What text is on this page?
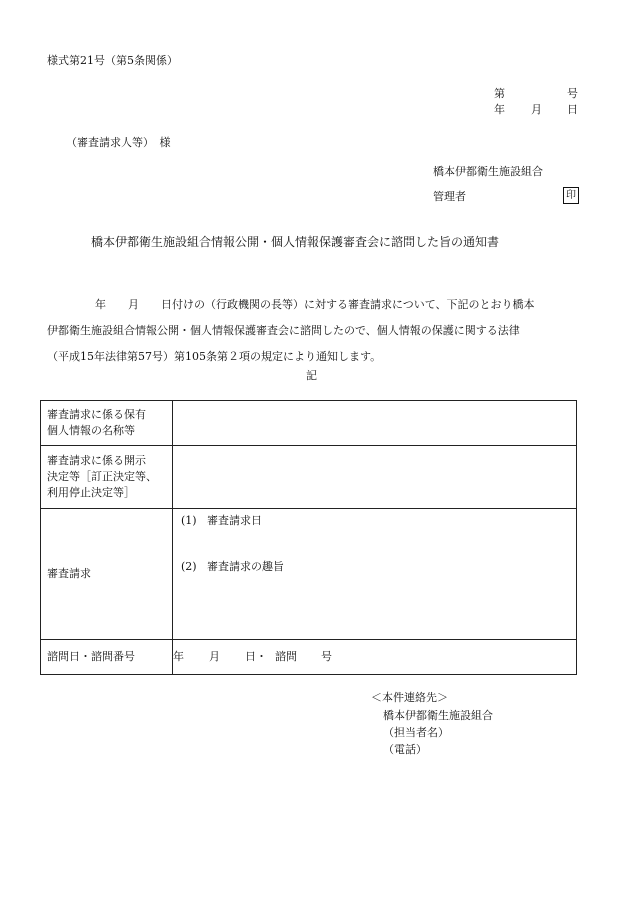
様式第21号（第5条関係）
第	号
年 月 日
（審査請求人等）　様
橋本伊都衛生施設組合
管理者	印
橋本伊都衛生施設組合情報公開・個人情報保護審査会に諮問した旨の通知書
年　　月　　日付けの（行政機関の長等）に対する審査請求について、下記のとおり橋本
伊都衛生施設組合情報公開・個人情報保護審査会に諮問したので、個人情報の保護に関する法律
（平成15年法律第57号）第105条第２項の規定により通知します。
記
審査請求に係る保有
個人情報の名称等	

審査請求に係る開示
決定等［訂正決定等、
利用停止決定等］	

審査請求	(1) 審査請求日
(2) 審査請求の趣旨

諮問日・諮問番号	年 月 日・ 諮問 号
＜本件連絡先＞
橋本伊都衛生施設組合
（担当者名）
（電話）
